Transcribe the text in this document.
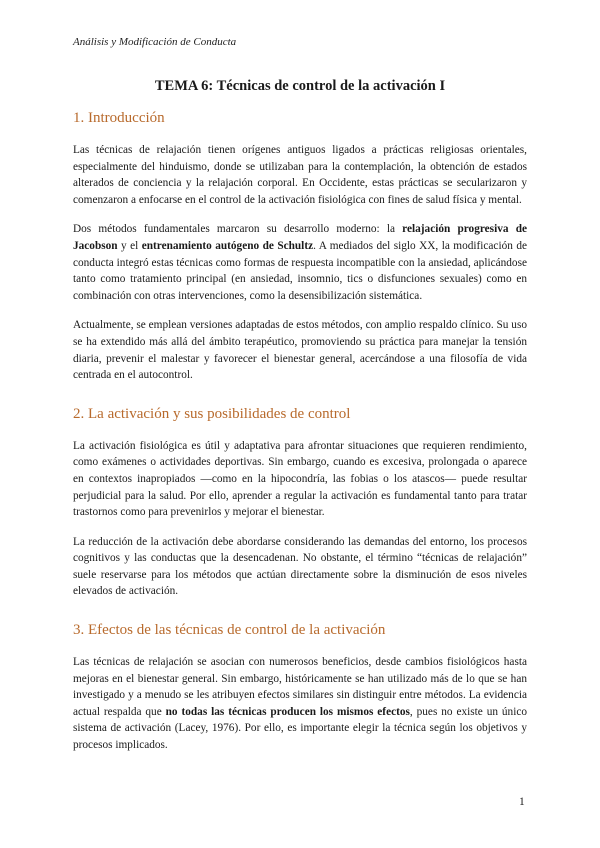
Análisis y Modificación de Conducta
TEMA 6: Técnicas de control de la activación I
1. Introducción

Las técnicas de relajación tienen orígenes antiguos ligados a prácticas religiosas orientales, especialmente del hinduismo, donde se utilizaban para la contemplación, la obtención de estados alterados de conciencia y la relajación corporal. En Occidente, estas prácticas se secularizaron y comenzaron a enfocarse en el control de la activación fisiológica con fines de salud física y mental.

Dos métodos fundamentales marcaron su desarrollo moderno: la relajación progresiva de Jacobson y el entrenamiento autógeno de Schultz. A mediados del siglo XX, la modificación de conducta integró estas técnicas como formas de respuesta incompatible con la ansiedad, aplicándose tanto como tratamiento principal (en ansiedad, insomnio, tics o disfunciones sexuales) como en combinación con otras intervenciones, como la desensibilización sistemática.

Actualmente, se emplean versiones adaptadas de estos métodos, con amplio respaldo clínico. Su uso se ha extendido más allá del ámbito terapéutico, promoviendo su práctica para manejar la tensión diaria, prevenir el malestar y favorecer el bienestar general, acercándose a una filosofía de vida centrada en el autocontrol.

2. La activación y sus posibilidades de control

La activación fisiológica es útil y adaptativa para afrontar situaciones que requieren rendimiento, como exámenes o actividades deportivas. Sin embargo, cuando es excesiva, prolongada o aparece en contextos inapropiados —como en la hipocondría, las fobias o los atascos— puede resultar perjudicial para la salud. Por ello, aprender a regular la activación es fundamental tanto para tratar trastornos como para prevenirlos y mejorar el bienestar.

La reducción de la activación debe abordarse considerando las demandas del entorno, los procesos cognitivos y las conductas que la desencadenan. No obstante, el término “técnicas de relajación” suele reservarse para los métodos que actúan directamente sobre la disminución de esos niveles elevados de activación.

3. Efectos de las técnicas de control de la activación

Las técnicas de relajación se asocian con numerosos beneficios, desde cambios fisiológicos hasta mejoras en el bienestar general. Sin embargo, históricamente se han utilizado más de lo que se han investigado y a menudo se les atribuyen efectos similares sin distinguir entre métodos. La evidencia actual respalda que no todas las técnicas producen los mismos efectos, pues no existe un único sistema de activación (Lacey, 1976). Por ello, es importante elegir la técnica según los objetivos y procesos implicados.

1
